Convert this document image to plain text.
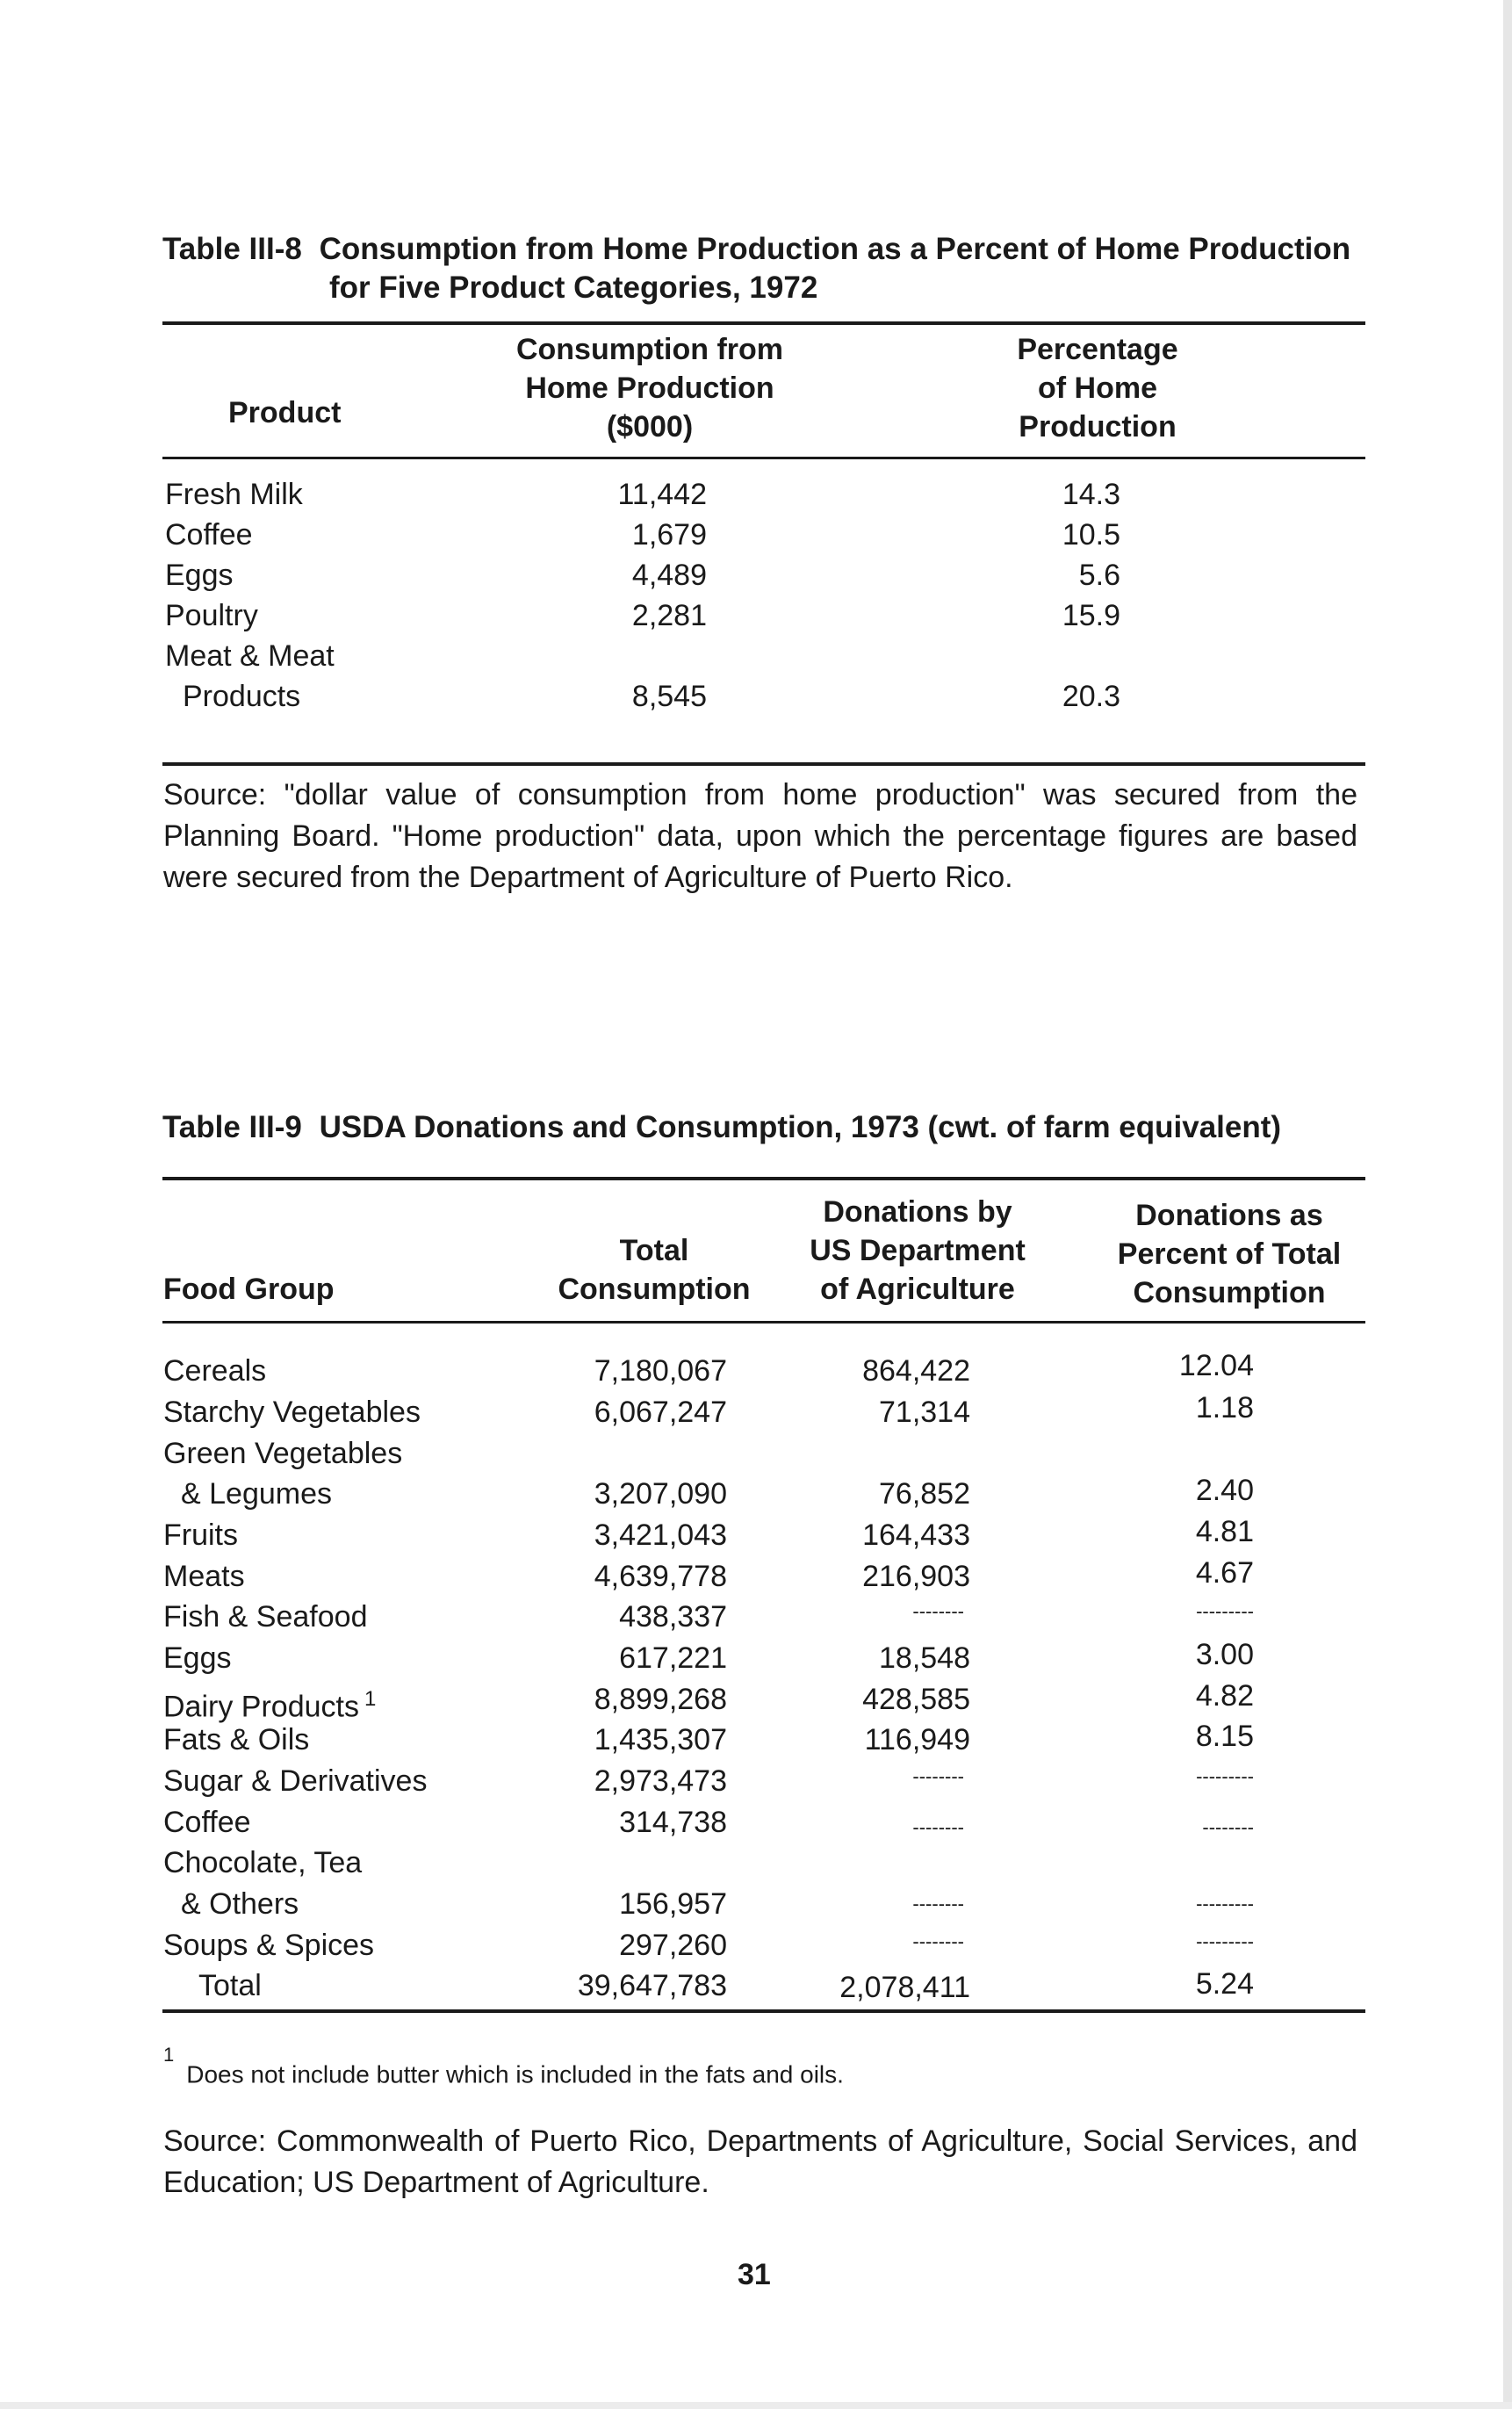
Table III-8 Consumption from Home Production as a Percent of Home Production
for Five Product Categories, 1972
Product
Consumption from
Home Production
($000)
Percentage
of Home
Production
Fresh Milk	11,442	14.3
Coffee	1,679	10.5
Eggs	4,489	5.6
Poultry	2,281	15.9
Meat & Meat
Products	8,545	20.3
Source: "dollar value of consumption from home production" was secured from the Planning Board. "Home production" data, upon which the percentage figures are based were secured from the Department of Agriculture of Puerto Rico.
Table III-9 USDA Donations and Consumption, 1973 (cwt. of farm equivalent)
Food Group
Total
Consumption
Donations by
US Department
of Agriculture
Donations as
Percent of Total
Consumption
Cereals	7,180,067	864,422	12.04
Starchy Vegetables	6,067,247	71,314	1.18
Green Vegetables
& Legumes	3,207,090	76,852	2.40
Fruits	3,421,043	164,433	4.81
Meats	4,639,778	216,903	4.67
Fish & Seafood	438,337	--------	---------
Eggs	617,221	18,548	3.00
Dairy Products $^1$	8,899,268	428,585	4.82
Fats & Oils	1,435,307	116,949	8.15
Sugar & Derivatives	2,973,473	--------	---------
Coffee	314,738	--------	--------
Chocolate, Tea
& Others	156,957	--------	---------
Soups & Spices	297,260	--------	---------
Total	39,647,783	2,078,411	5.24
$^1$Does not include butter which is included in the fats and oils.
Source: Commonwealth of Puerto Rico, Departments of Agriculture, Social Services, and Education; US Department of Agriculture.
31
